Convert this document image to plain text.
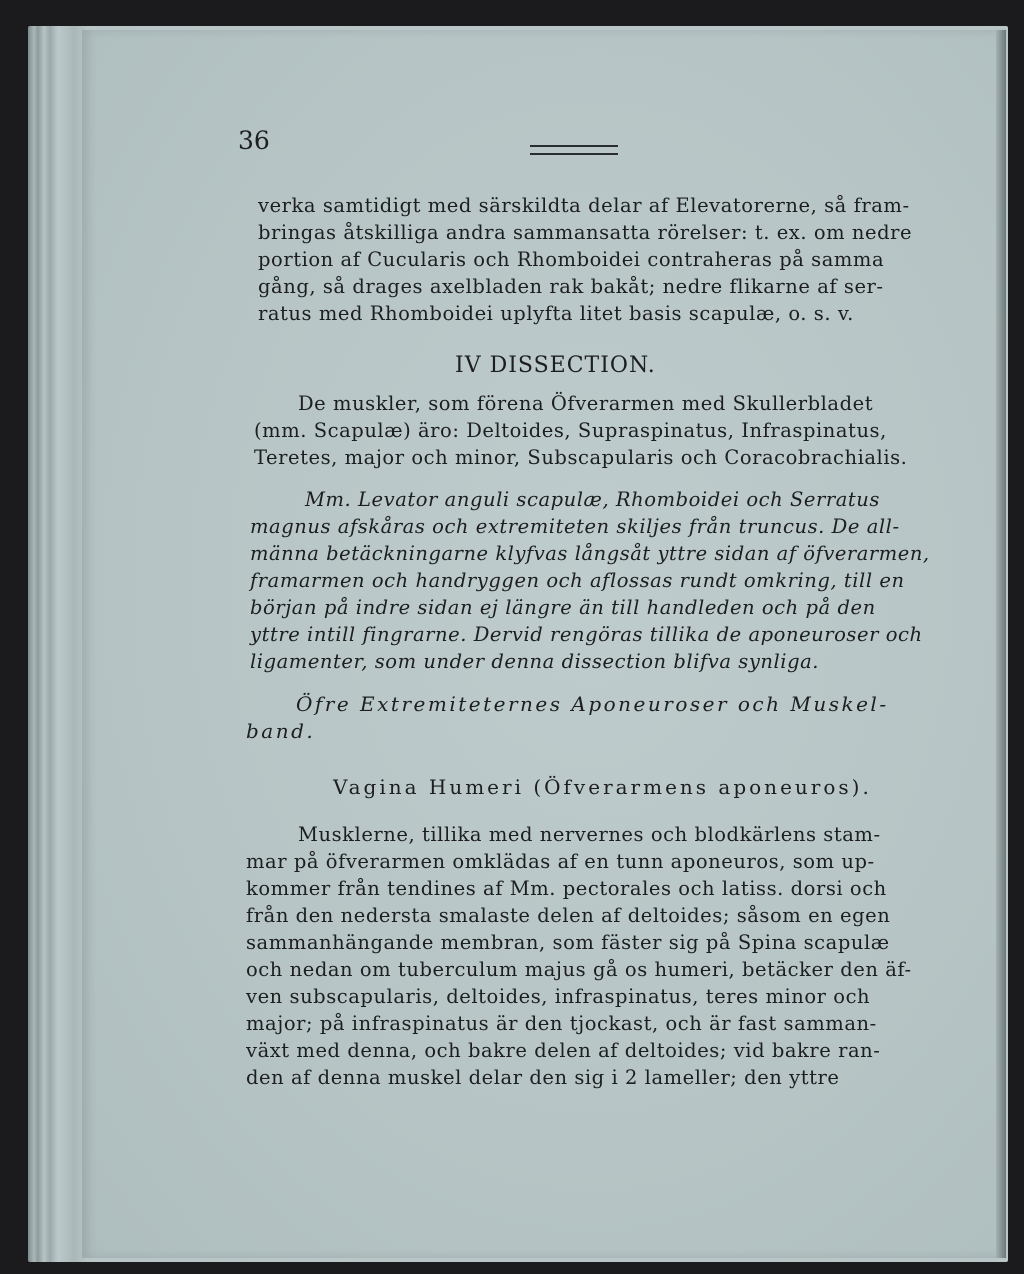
36
verka samtidigt med särskildta delar af Elevatorerne, så fram-
bringas åtskilliga andra sammansatta rörelser: t. ex. om nedre
portion af Cucularis och Rhomboidei contraheras på samma
gång, så drages axelbladen rak bakåt; nedre flikarne af ser-
ratus med Rhomboidei uplyfta litet basis scapulæ, o. s. v.
IV DISSECTION.
De muskler, som förena Öfverarmen med Skullerbladet
(mm. Scapulæ) äro: Deltoides, Supraspinatus, Infraspinatus,
Teretes, major och minor, Subscapularis och Coracobrachialis.
Mm. Levator anguli scapulæ, Rhomboidei och Serratus
magnus afskåras och extremiteten skiljes från truncus. De all-
männa betäckningarne klyfvas långsåt yttre sidan af öfverarmen,
framarmen och handryggen och aflossas rundt omkring, till en
början på indre sidan ej längre än till handleden och på den
yttre intill fingrarne. Dervid rengöras tillika de aponeuroser och
ligamenter, som under denna dissection blifva synliga.
Öfre Extremiteternes Aponeuroser och Muskel-
band.
Vagina Humeri (Öfverarmens aponeuros).
Musklerne, tillika med nervernes och blodkärlens stam-
mar på öfverarmen omklädas af en tunn aponeuros, som up-
kommer från tendines af Mm. pectorales och latiss. dorsi och
från den nedersta smalaste delen af deltoides; såsom en egen
sammanhängande membran, som fäster sig på Spina scapulæ
och nedan om tuberculum majus gå os humeri, betäcker den äf-
ven subscapularis, deltoides, infraspinatus, teres minor och
major; på infraspinatus är den tjockast, och är fast samman-
växt med denna, och bakre delen af deltoides; vid bakre ran-
den af denna muskel delar den sig i 2 lameller; den yttre
